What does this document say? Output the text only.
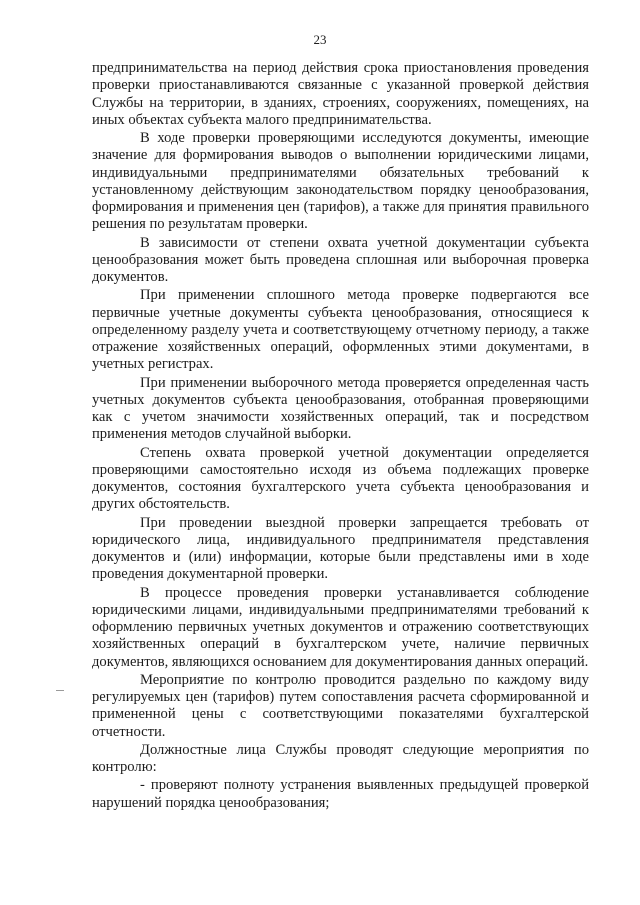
23

предпринимательства на период действия срока приостановления проведения проверки приостанавливаются связанные с указанной проверкой действия Службы на территории, в зданиях, строениях, сооружениях, помещениях, на иных объектах субъекта малого предпринимательства.

В ходе проверки проверяющими исследуются документы, имеющие значение для формирования выводов о выполнении юридическими лицами, индивидуальными предпринимателями обязательных требований к установленному действующим законодательством порядку ценообразования, формирования и применения цен (тарифов), а также для принятия правильного решения по результатам проверки.

В зависимости от степени охвата учетной документации субъекта ценообразования может быть проведена сплошная или выборочная проверка документов.

При применении сплошного метода проверке подвергаются все первичные учетные документы субъекта ценообразования, относящиеся к определенному разделу учета и соответствующему отчетному периоду, а также отражение хозяйственных операций, оформленных этими документами, в учетных регистрах.

При применении выборочного метода проверяется определенная часть учетных документов субъекта ценообразования, отобранная проверяющими как с учетом значимости хозяйственных операций, так и посредством применения методов случайной выборки.

Степень охвата проверкой учетной документации определяется проверяющими самостоятельно исходя из объема подлежащих проверке документов, состояния бухгалтерского учета субъекта ценообразования и других обстоятельств.

При проведении выездной проверки запрещается требовать от юридического лица, индивидуального предпринимателя представления документов и (или) информации, которые были представлены ими в ходе проведения документарной проверки.

В процессе проведения проверки устанавливается соблюдение юридическими лицами, индивидуальными предпринимателями требований к оформлению первичных учетных документов и отражению соответствующих хозяйственных операций в бухгалтерском учете, наличие первичных документов, являющихся основанием для документирования данных операций.

Мероприятие по контролю проводится раздельно по каждому виду регулируемых цен (тарифов) путем сопоставления расчета сформированной и примененной цены с соответствующими показателями бухгалтерской отчетности.

Должностные лица Службы проводят следующие мероприятия по контролю:

- проверяют полноту устранения выявленных предыдущей проверкой нарушений порядка ценообразования;
